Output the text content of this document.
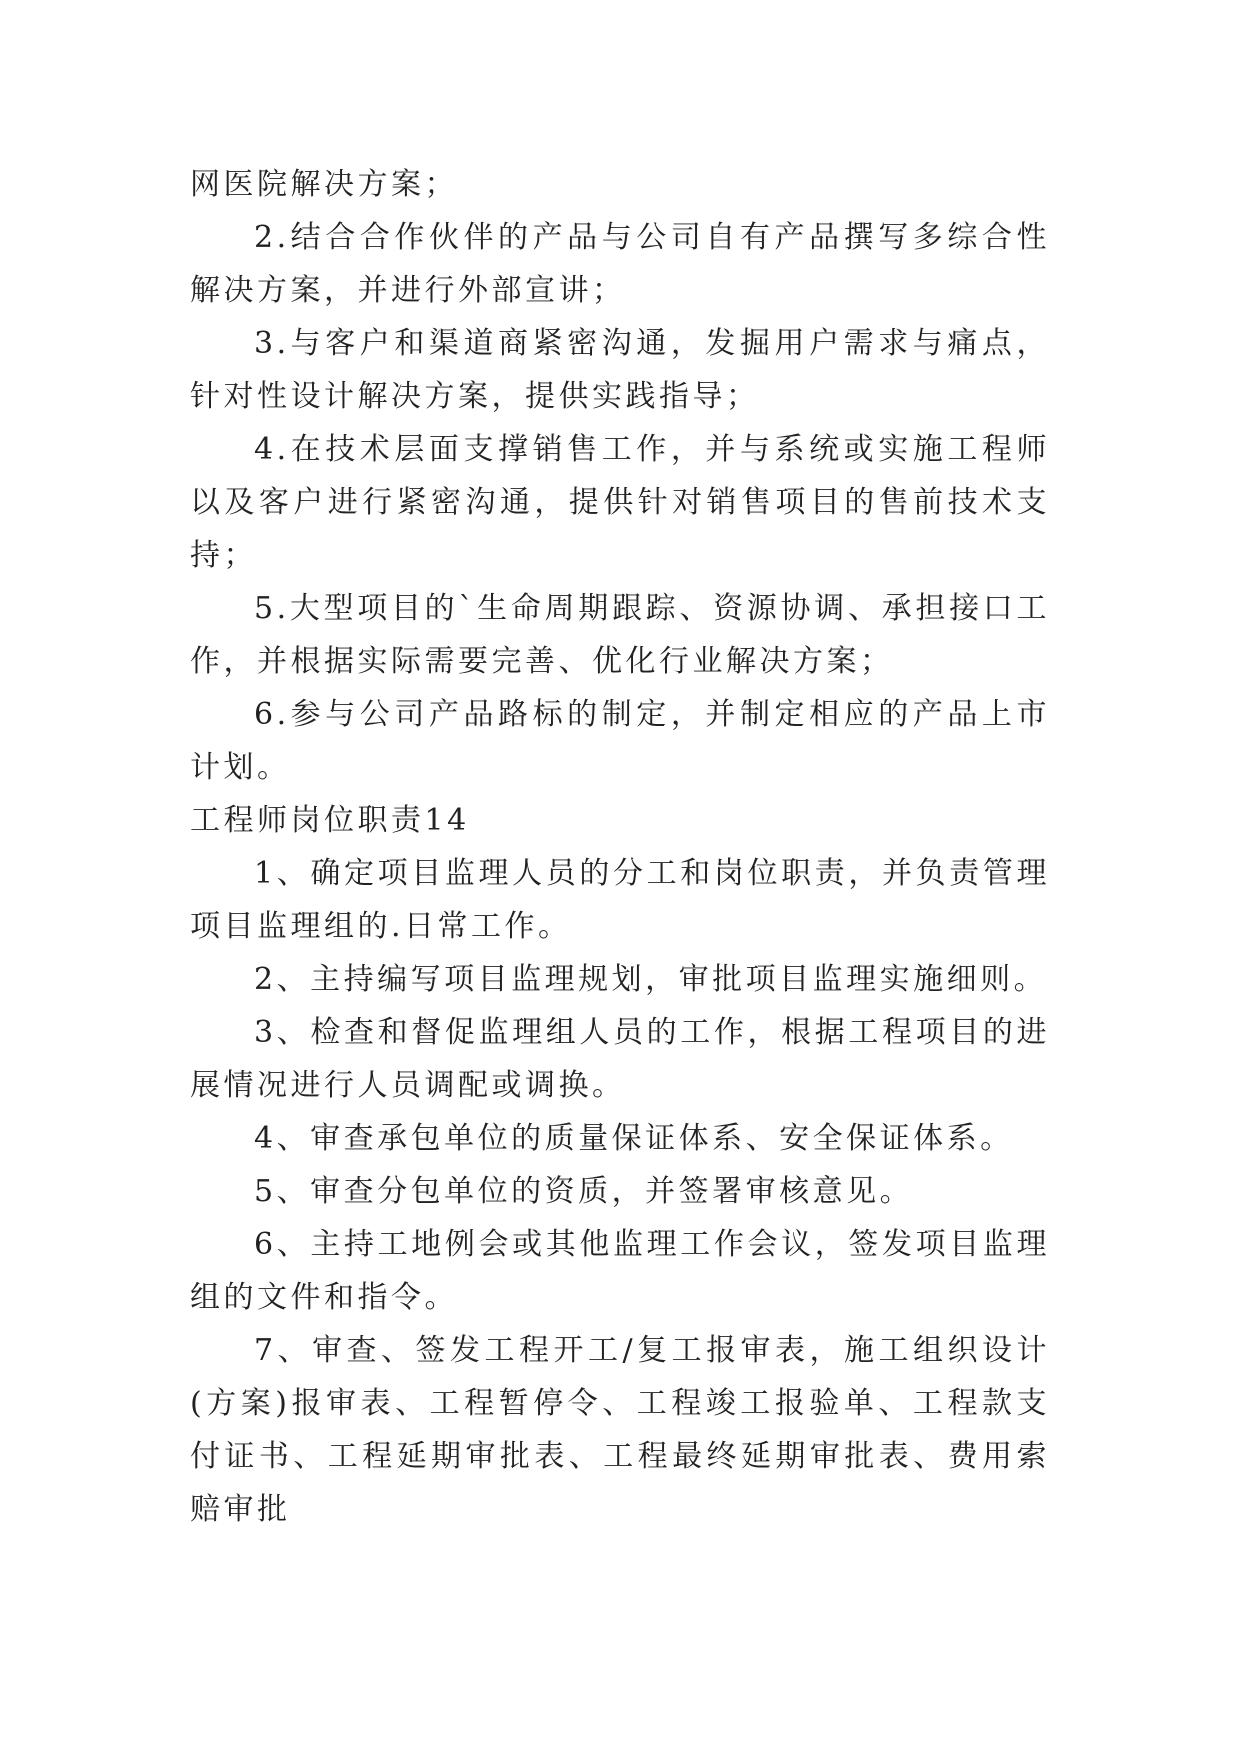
网医院解决方案；

2.结合合作伙伴的产品与公司自有产品撰写多综合性解决方案，并进行外部宣讲；

3.与客户和渠道商紧密沟通，发掘用户需求与痛点，针对性设计解决方案，提供实践指导；

4.在技术层面支撑销售工作，并与系统或实施工程师以及客户进行紧密沟通，提供针对销售项目的售前技术支持；

5.大型项目的`生命周期跟踪、资源协调、承担接口工作，并根据实际需要完善、优化行业解决方案；

6.参与公司产品路标的制定，并制定相应的产品上市计划。

工程师岗位职责14

1、确定项目监理人员的分工和岗位职责，并负责管理项目监理组的.日常工作。

2、主持编写项目监理规划，审批项目监理实施细则。

3、检查和督促监理组人员的工作，根据工程项目的进展情况进行人员调配或调换。

4、审查承包单位的质量保证体系、安全保证体系。

5、审查分包单位的资质，并签署审核意见。

6、主持工地例会或其他监理工作会议，签发项目监理组的文件和指令。

7、审查、签发工程开工/复工报审表，施工组织设计(方案)报审表、工程暂停令、工程竣工报验单、工程款支付证书、工程延期审批表、工程最终延期审批表、费用索赔审批
